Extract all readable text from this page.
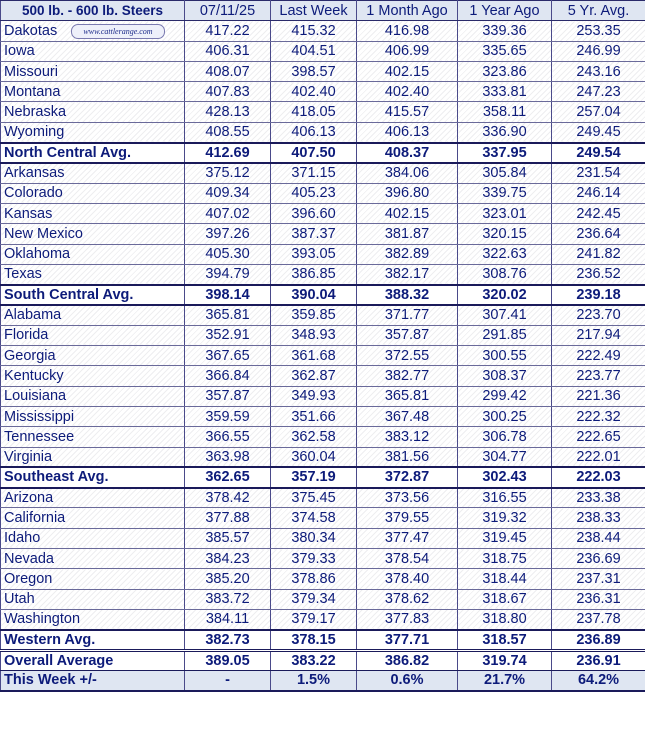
500 lb. - 600 lb. Steers	07/11/25	Last Week	1 Month Ago	1 Year Ago	5 Yr. Avg.
Dakotas www.cattlerange.com	417.22	415.32	416.98	339.36	253.35
Iowa	406.31	404.51	406.99	335.65	246.99
Missouri	408.07	398.57	402.15	323.86	243.16
Montana	407.83	402.40	402.40	333.81	247.23
Nebraska	428.13	418.05	415.57	358.11	257.04
Wyoming	408.55	406.13	406.13	336.90	249.45
North Central Avg.	412.69	407.50	408.37	337.95	249.54
Arkansas	375.12	371.15	384.06	305.84	231.54
Colorado	409.34	405.23	396.80	339.75	246.14
Kansas	407.02	396.60	402.15	323.01	242.45
New Mexico	397.26	387.37	381.87	320.15	236.64
Oklahoma	405.30	393.05	382.89	322.63	241.82
Texas	394.79	386.85	382.17	308.76	236.52
South Central Avg.	398.14	390.04	388.32	320.02	239.18
Alabama	365.81	359.85	371.77	307.41	223.70
Florida	352.91	348.93	357.87	291.85	217.94
Georgia	367.65	361.68	372.55	300.55	222.49
Kentucky	366.84	362.87	382.77	308.37	223.77
Louisiana	357.87	349.93	365.81	299.42	221.36
Mississippi	359.59	351.66	367.48	300.25	222.32
Tennessee	366.55	362.58	383.12	306.78	222.65
Virginia	363.98	360.04	381.56	304.77	222.01
Southeast Avg.	362.65	357.19	372.87	302.43	222.03
Arizona	378.42	375.45	373.56	316.55	233.38
California	377.88	374.58	379.55	319.32	238.33
Idaho	385.57	380.34	377.47	319.45	238.44
Nevada	384.23	379.33	378.54	318.75	236.69
Oregon	385.20	378.86	378.40	318.44	237.31
Utah	383.72	379.34	378.62	318.67	236.31
Washington	384.11	379.17	377.83	318.80	237.78
Western Avg.	382.73	378.15	377.71	318.57	236.89
Overall Average	389.05	383.22	386.82	319.74	236.91
This Week +/-	-	1.5%	0.6%	21.7%	64.2%
